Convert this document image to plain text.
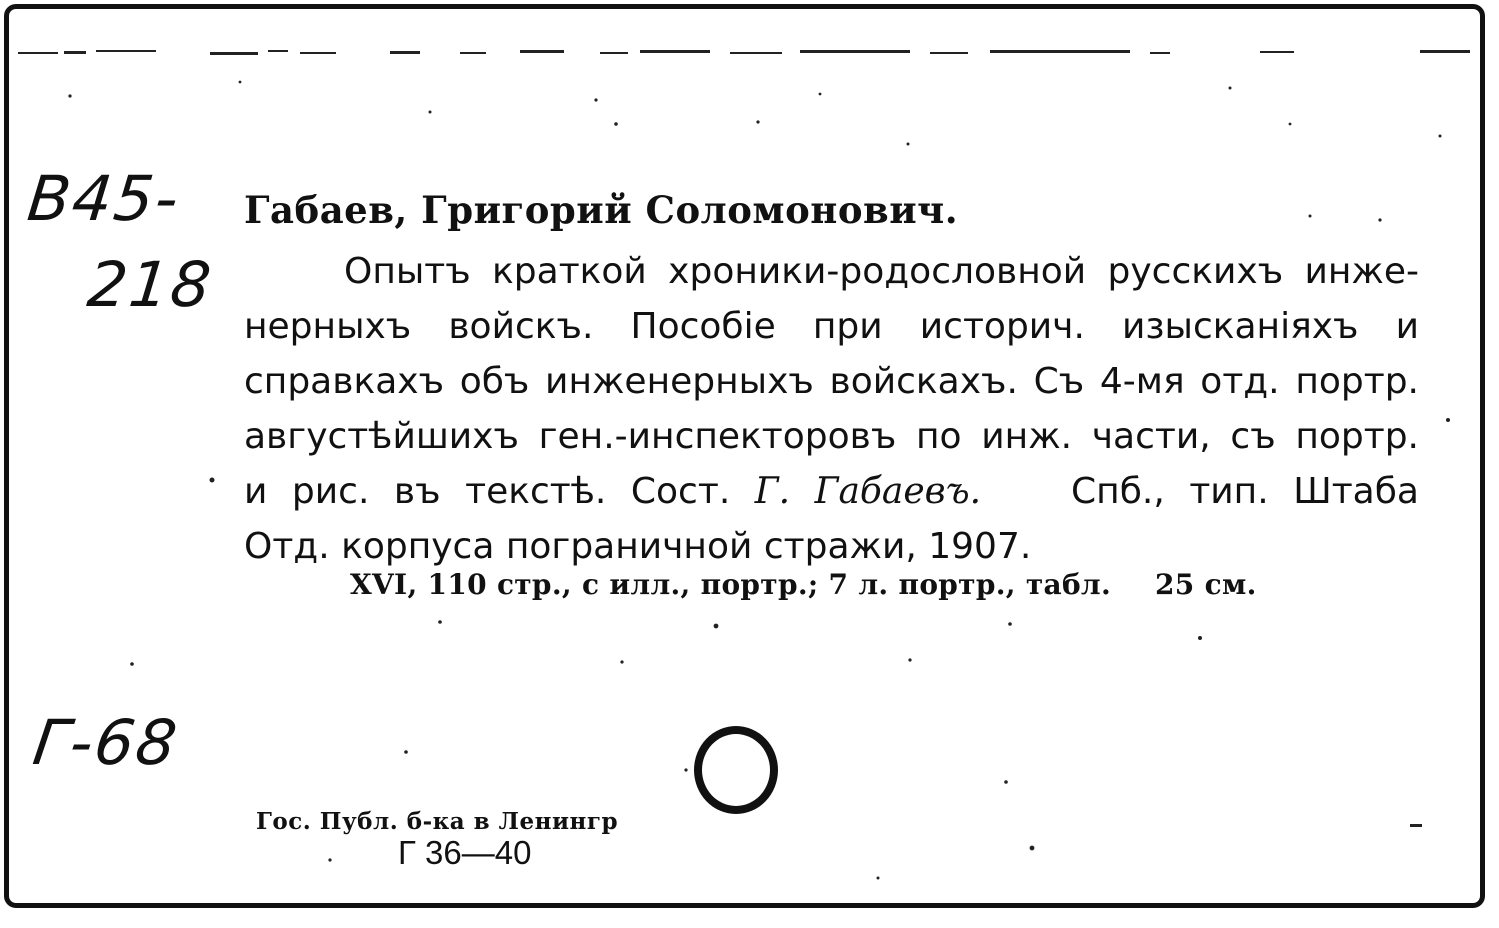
B45-
218
Габаев, Григорий Соломонович.
Опытъ краткой хроники-родословной русскихъ инже-
нерныхъ войскъ. Пособіе при историч. изысканіяхъ и
справкахъ объ инженерныхъ войскахъ. Съ 4-мя отд. портр.
августѣйшихъ ген.-инспекторовъ по инж. части, съ портр.
и рис. въ текстѣ. Сост. Г. Габаевъ.	Спб., тип. Штаба
Отд. корпуса пограничной стражи, 1907.
XVI, 110 стр., с илл., портр.; 7 л. портр., табл. 25 см.
Г-68
Гос. Публ. б-ка в Ленингр
Г 36—40
